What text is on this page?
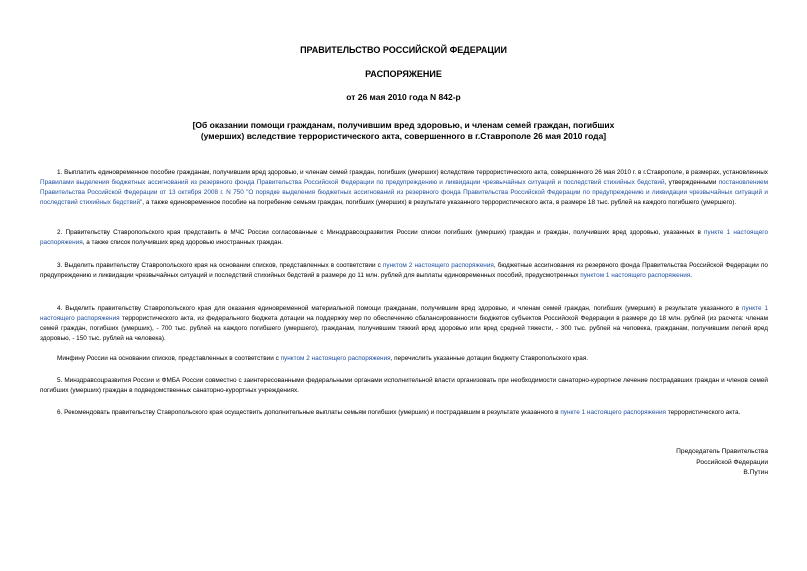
ПРАВИТЕЛЬСТВО РОССИЙСКОЙ ФЕДЕРАЦИИ
РАСПОРЯЖЕНИЕ
от 26 мая 2010 года N 842-р
[Об оказании помощи гражданам, получившим вред здоровью, и членам семей граждан, погибших
(умерших) вследствие террористического акта, совершенного в г.Ставрополе 26 мая 2010 года]

1. Выплатить единовременное пособие гражданам, получившим вред здоровью, и членам семей граждан, погибших (умерших) вследствие террористического акта, совершенного 26 мая 2010 г. в г.Ставрополе, в размерах, установленных Правилами выделения бюджетных ассигнований из резервного фонда Правительства Российской Федерации по предупреждению и ликвидации чрезвычайных ситуаций и последствий стихийных бедствий, утвержденными постановлением Правительства Российской Федерации от 13 октября 2008 г. N 750 "О порядке выделения бюджетных ассигнований из резервного фонда Правительства Российской Федерации по предупреждению и ликвидации чрезвычайных ситуаций и последствий стихийных бедствий", а также единовременное пособие на погребение семьям граждан, погибших (умерших) в результате указанного террористического акта, в размере 18 тыс. рублей на каждого погибшего (умершего).

2. Правительству Ставропольского края представить в МЧС России согласованные с Минздравсоцразвития России списки погибших (умерших) граждан и граждан, получивших вред здоровью, указанных в пункте 1 настоящего распоряжения, а также список получивших вред здоровью иностранных граждан.

3. Выделить правительству Ставропольского края на основании списков, представленных в соответствии с пунктом 2 настоящего распоряжения, бюджетные ассигнования из резервного фонда Правительства Российской Федерации по предупреждению и ликвидации чрезвычайных ситуаций и последствий стихийных бедствий в размере до 11 млн. рублей для выплаты единовременных пособий, предусмотренных пунктом 1 настоящего распоряжения.

4. Выделить правительству Ставропольского края для оказания единовременной материальной помощи гражданам, получившим вред здоровью, и членам семей граждан, погибших (умерших) в результате указанного в пункте 1 настоящего распоряжения террористического акта, из федерального бюджета дотации на поддержку мер по обеспечению сбалансированности бюджетов субъектов Российской Федерации в размере до 18 млн. рублей (из расчета: членам семей граждан, погибших (умерших), - 700 тыс. рублей на каждого погибшего (умершего), гражданам, получившим тяжкий вред здоровью или вред средней тяжести, - 300 тыс. рублей на человека, гражданам, получившим легкий вред здоровью, - 150 тыс. рублей на человека).

Минфину России на основании списков, представленных в соответствии с пунктом 2 настоящего распоряжения, перечислить указанные дотации бюджету Ставропольского края.

5. Минздравсоцразвития России и ФМБА России совместно с заинтересованными федеральными органами исполнительной власти организовать при необходимости санаторно-курортное лечение пострадавших граждан и членов семей погибших (умерших) граждан в подведомственных санаторно-курортных учреждениях.

6. Рекомендовать правительству Ставропольского края осуществить дополнительные выплаты семьям погибших (умерших) и пострадавшим в результате указанного в пункте 1 настоящего распоряжения террористического акта.

Председатель Правительства
Российской Федерации
В.Путин
